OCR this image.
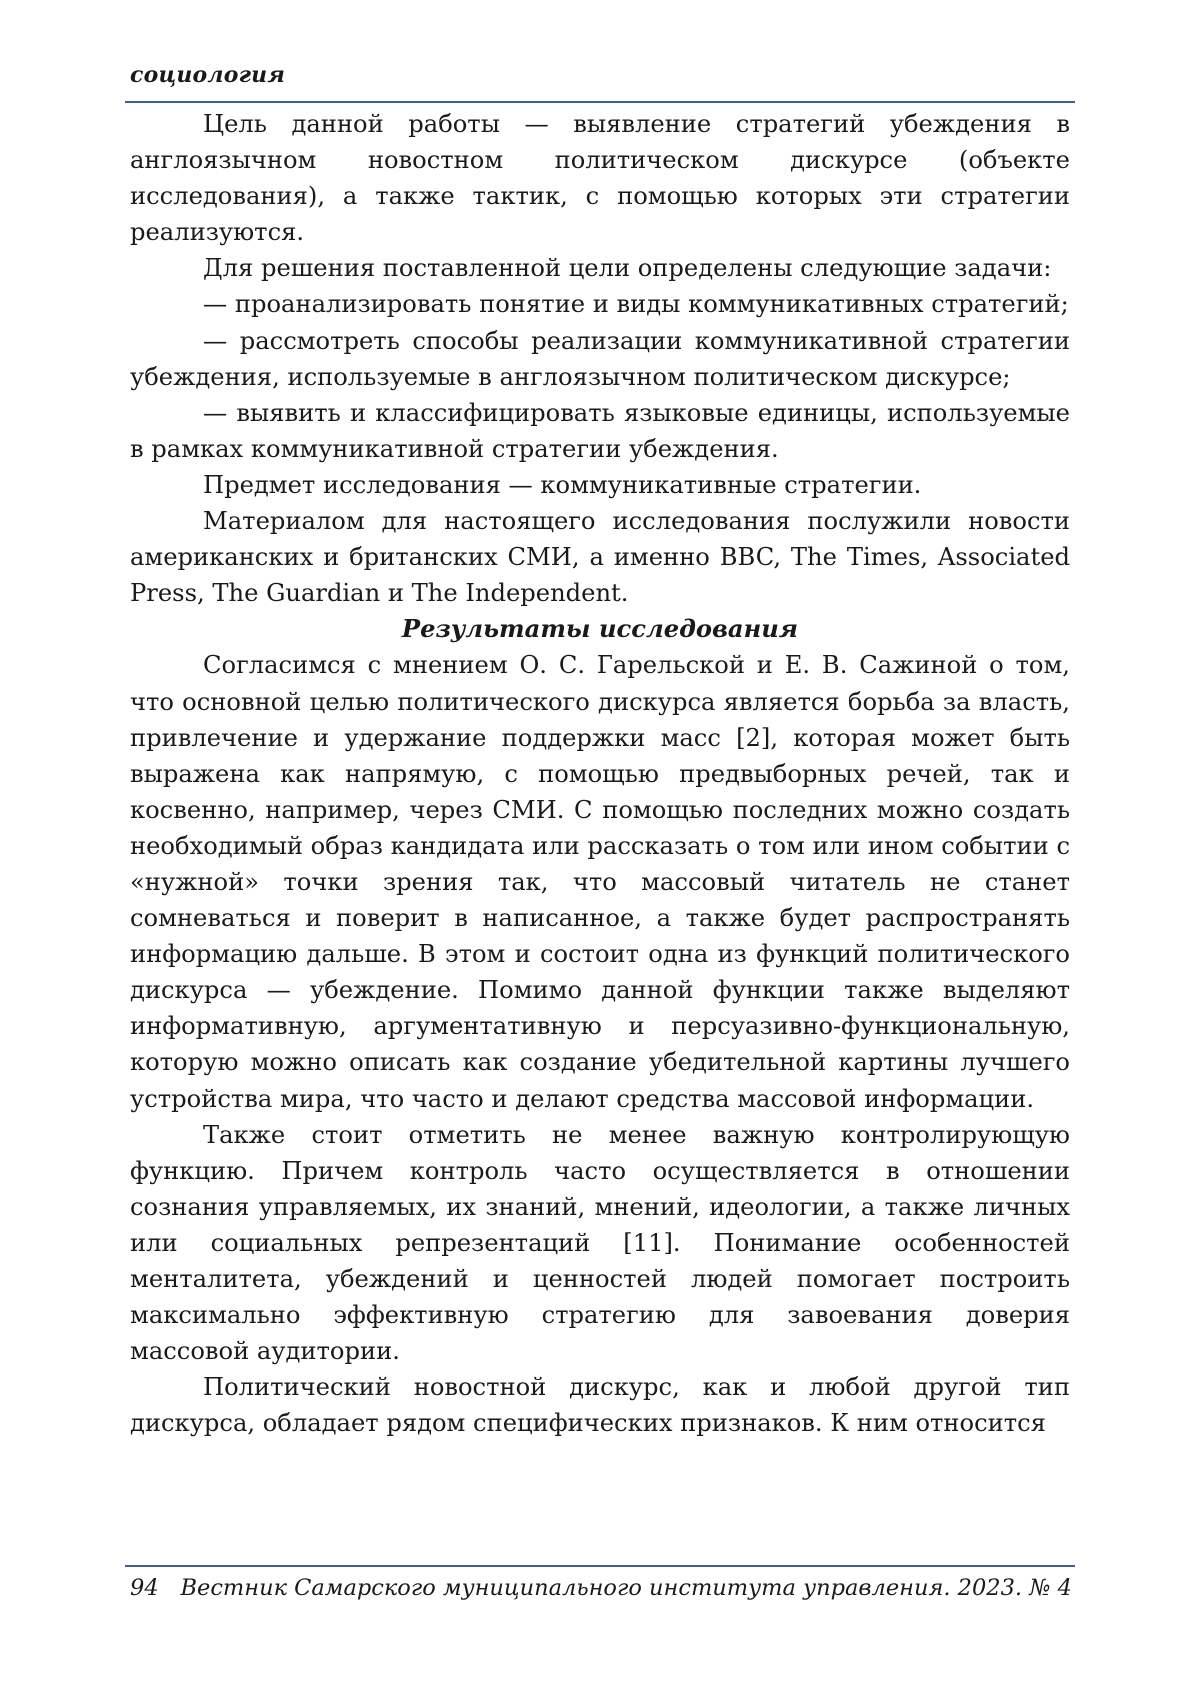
социология

Цель данной работы — выявление стратегий убеждения в англоязычном новостном политическом дискурсе (объекте исследования), а также тактик, с помощью которых эти стратегии реализуются.

Для решения поставленной цели определены следующие задачи:

— проанализировать понятие и виды коммуникативных стратегий;

— рассмотреть способы реализации коммуникативной стратегии убеждения, используемые в англоязычном политическом дискурсе;

— выявить и классифицировать языковые единицы, используемые в рамках коммуникативной стратегии убеждения.

Предмет исследования — коммуникативные стратегии.

Материалом для настоящего исследования послужили новости американских и британских СМИ, а именно BBC, The Times, Associated Press, The Guardian и The Independent.

Результаты исследования

Согласимся с мнением О. С. Гарельской и Е. В. Сажиной о том, что основной целью политического дискурса является борьба за власть, привлечение и удержание поддержки масс [2], которая может быть выражена как напрямую, с помощью предвыборных речей, так и косвенно, например, через СМИ. С помощью последних можно создать необходимый образ кандидата или рассказать о том или ином событии с «нужной» точки зрения так, что массовый читатель не станет сомневаться и поверит в написанное, а также будет распространять информацию дальше. В этом и состоит одна из функций политического дискурса — убеждение. Помимо данной функции также выделяют информативную, аргументативную и персуазивно-функциональную, которую можно описать как создание убедительной картины лучшего устройства мира, что часто и делают средства массовой информации.

Также стоит отметить не менее важную контролирующую функцию. Причем контроль часто осуществляется в отношении сознания управляемых, их знаний, мнений, идеологии, а также личных или социальных репрезентаций [11]. Понимание особенностей менталитета, убеждений и ценностей людей помогает построить максимально эффективную стратегию для завоевания доверия массовой аудитории.

Политический новостной дискурс, как и любой другой тип дискурса, обладает рядом специфических признаков. К ним относится

94 Вестник Самарского муниципального института управления. 2023. № 4
